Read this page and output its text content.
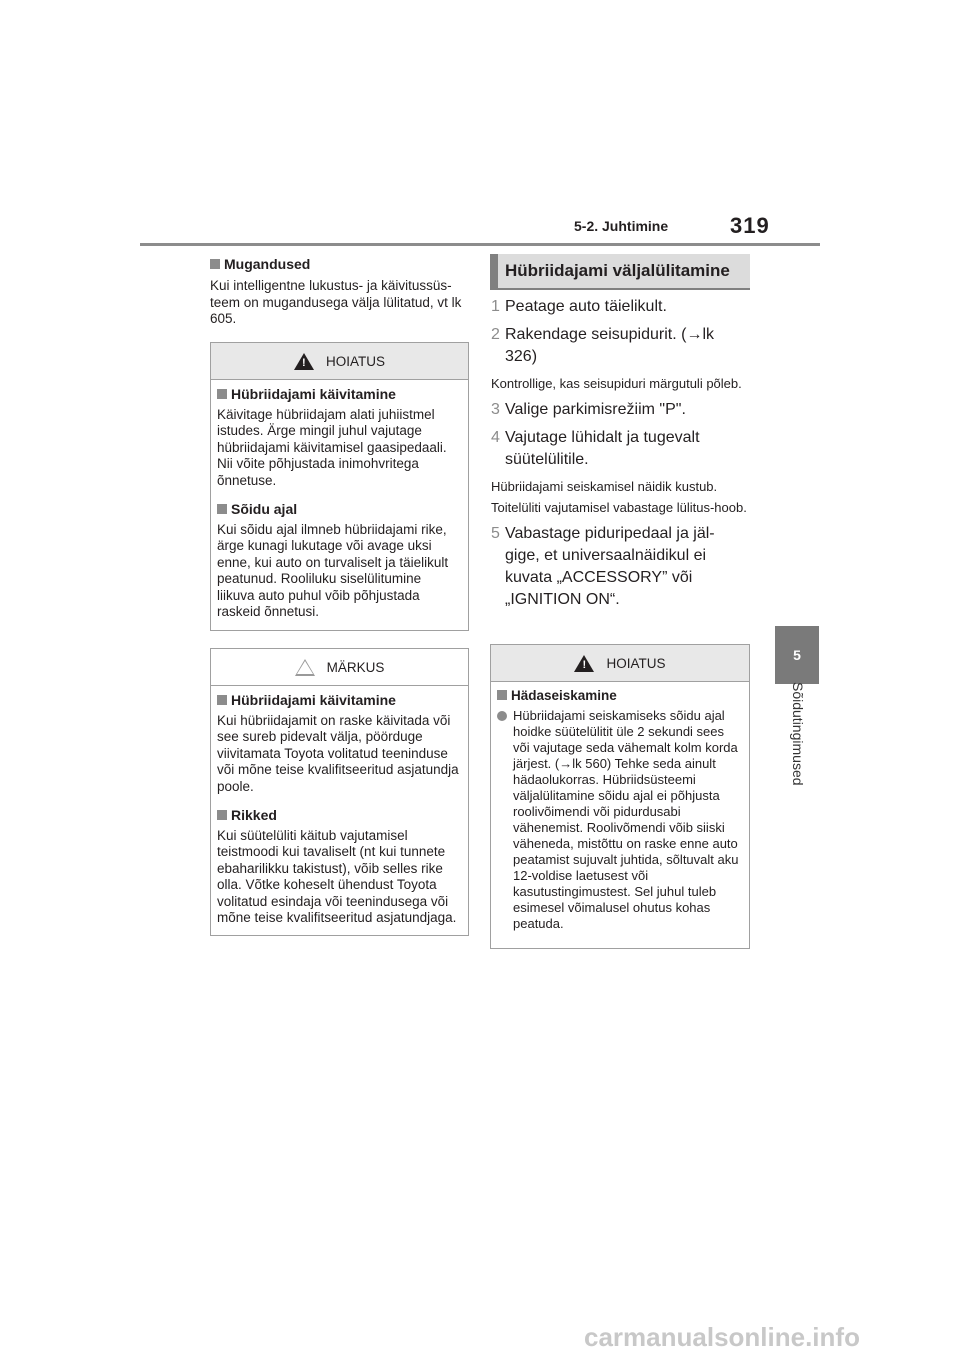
5-2. Juhtimine	319
5
Sõidutingimused
Mugandused

Kui intelligentne lukustus- ja käivitussüs-teem on mugandusega välja lülitatud, vt lk 605.

!
HOIATUS
Hübriidajami käivitamine

Käivitage hübriidajam alati juhiistmel istudes. Ärge mingil juhul vajutage hübriidajami käivitamisel gaasipedaali.

Nii võite põhjustada inimohvritega õnnetuse.

Sõidu ajal

Kui sõidu ajal ilmneb hübriidajami rike, ärge kunagi lukutage või avage uksi enne, kui auto on turvaliselt ja täielikult peatunud. Rooliluku siselülitumine liikuva auto puhul võib põhjustada raskeid õnnetusi.

MÄRKUS
Hübriidajami käivitamine

Kui hübriidajamit on raske käivitada või see sureb pidevalt välja, pöörduge viivitamata Toyota volitatud teeninduse või mõne teise kvalifitseeritud asjatundja poole.

Rikked

Kui süütelüliti käitub vajutamisel teistmoodi kui tavaliselt (nt kui tunnete ebaharilikku takistust), võib selles rike olla. Võtke koheselt ühendust Toyota volitatud esindaja või teenindusega või mõne teise kvalifitseeritud asjatundjaga.

Hübriidajami väljalülitamine
1 Peatage auto täielikult.
2 Rakendage seisupidurit. (→lk 326)

Kontrollige, kas seisupiduri märgutuli põleb.

3 Valige parkimisrežiim "P".
4 Vajutage lühidalt ja tugevalt süütelülitile.

Hübriidajami seiskamisel näidik kustub.

Toitelüliti vajutamisel vabastage lülitus-hoob.

5 Vabastage piduripedaal ja jäl-gige, et universaalnäidikul ei kuvata „ACCESSORY” või „IGNITION ON“.
!
HOIATUS
Hädaseiskamine

Hübriidajami seiskamiseks sõidu ajal hoidke süütelülitit üle 2 sekundi sees või vajutage seda vähemalt kolm korda järjest. (→lk 560) Tehke seda ainult hädaolukorras. Hübriidsüsteemi väljalülitamine sõidu ajal ei põhjusta roolivõimendi või pidurdusabi vähenemist. Roolivõmendi võib siiski väheneda, mistõttu on raske enne auto peatamist sujuvalt juhtida, sõltuvalt aku 12-voldise laetusest või kasutustingimustest. Sel juhul tuleb esimesel võimalusel ohutus kohas peatuda.

carmanualsonline.info
